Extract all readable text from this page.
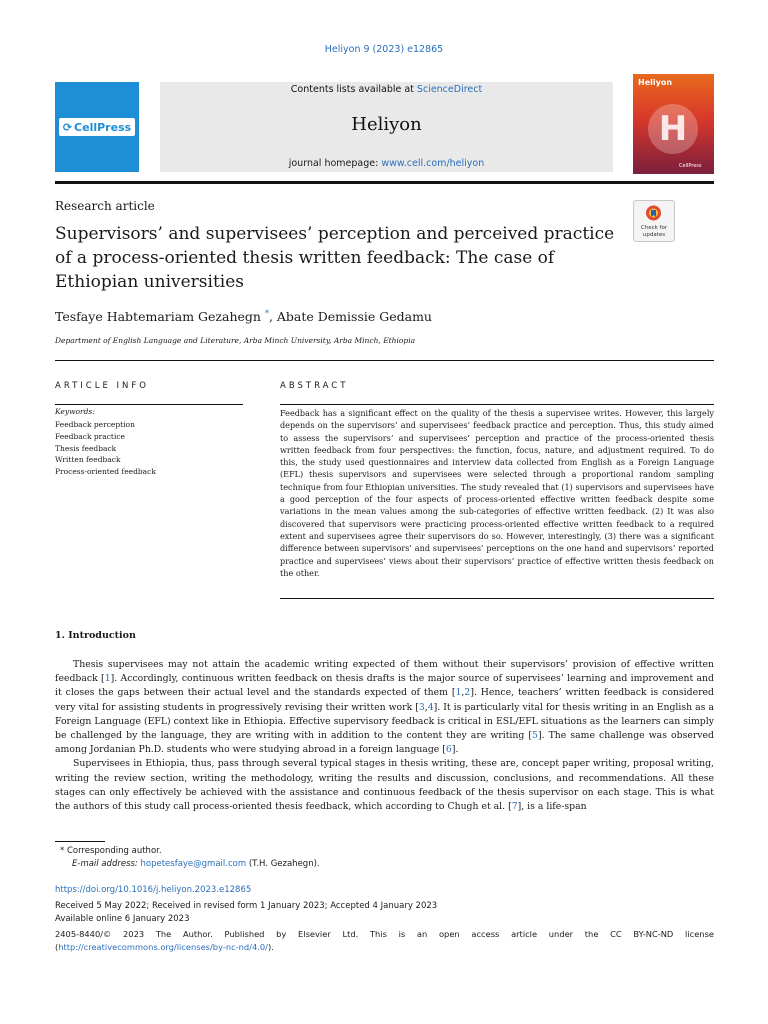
Heliyon 9 (2023) e12865
⟳ CellPress
Contents lists available at ScienceDirect
Heliyon
journal homepage: www.cell.com/heliyon
Heliyon
H
CellPress
Research article
Supervisors’ and supervisees’ perception and perceived practice of a process-oriented thesis written feedback: The case of Ethiopian universities
Check for updates
Tesfaye Habtemariam Gezahegn *, Abate Demissie Gedamu
Department of English Language and Literature, Arba Minch University, Arba Minch, Ethiopia
ARTICLE INFO	ABSTRACT
Keywords:
Feedback perception
Feedback practice
Thesis feedback
Written feedback
Process-oriented feedback
Feedback has a significant effect on the quality of the thesis a supervisee writes. However, this largely depends on the supervisors’ and supervisees’ feedback practice and perception. Thus, this study aimed to assess the supervisors’ and supervisees’ perception and practice of the process-oriented thesis written feedback from four perspectives: the function, focus, nature, and adjustment required. To do this, the study used questionnaires and interview data collected from English as a Foreign Language (EFL) thesis supervisors and supervisees were selected through a proportional random sampling technique from four Ethiopian universities. The study revealed that (1) supervisors and supervisees have a good perception of the four aspects of process-oriented effective written feedback despite some variations in the mean values among the sub-categories of effective written feedback. (2) It was also discovered that supervisors were practicing process-oriented effective written feedback to a required extent and supervisees agree their supervisors do so. However, interestingly, (3) there was a significant difference between supervisors’ and supervisees’ perceptions on the one hand and supervisors’ reported practice and supervisees’ views about their supervisors’ practice of effective written thesis feedback on the other.
1. Introduction

Thesis supervisees may not attain the academic writing expected of them without their supervisors’ provision of effective written feedback [1]. Accordingly, continuous written feedback on thesis drafts is the major source of supervisees’ learning and improvement and it closes the gaps between their actual level and the standards expected of them [1,2]. Hence, teachers’ written feedback is considered very vital for assisting students in progressively revising their written work [3,4]. It is particularly vital for thesis writing in an English as a Foreign Language (EFL) context like in Ethiopia. Effective supervisory feedback is critical in ESL/EFL situations as the learners can simply be challenged by the language, they are writing with in addition to the content they are writing [5]. The same challenge was observed among Jordanian Ph.D. students who were studying abroad in a foreign language [6].

Supervisees in Ethiopia, thus, pass through several typical stages in thesis writing, these are, concept paper writing, proposal writing, writing the review section, writing the methodology, writing the results and discussion, conclusions, and recommendations. All these stages can only effectively be achieved with the assistance and continuous feedback of the thesis supervisor on each stage. This is what the authors of this study call process-oriented thesis feedback, which according to Chugh et al. [7], is a life-span

* Corresponding author.
E-mail address: hopetesfaye@gmail.com (T.H. Gezahegn).
https://doi.org/10.1016/j.heliyon.2023.e12865
Received 5 May 2022; Received in revised form 1 January 2023; Accepted 4 January 2023
Available online 6 January 2023
2405-8440/© 2023 The Author. Published by Elsevier Ltd. This is an open access article under the CC BY-NC-ND license (http://creativecommons.org/licenses/by-nc-nd/4.0/).
